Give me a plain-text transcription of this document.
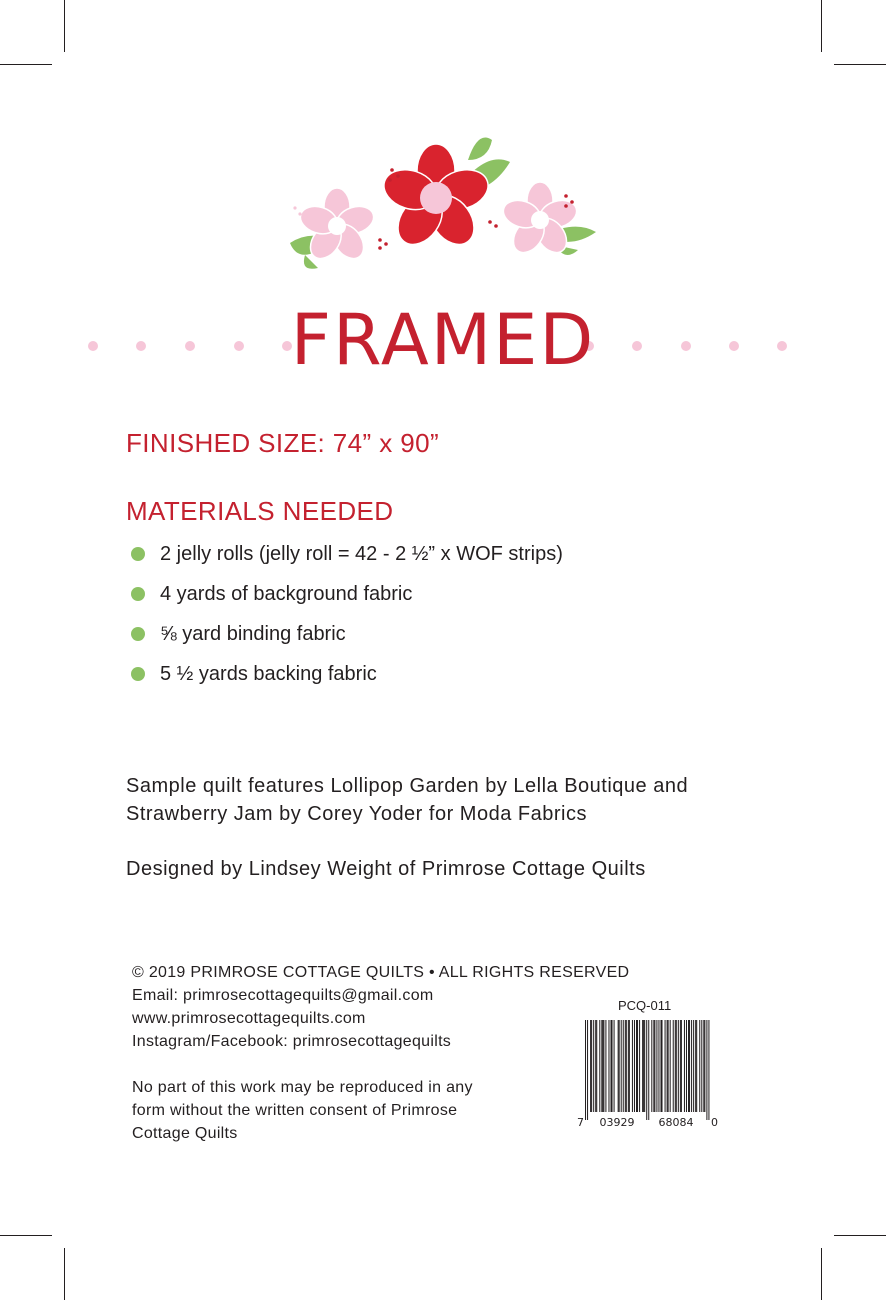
FRAMED
FINISHED SIZE: 74” x 90”
MATERIALS NEEDED
2 jelly rolls (jelly roll = 42 - 2 ½” x WOF strips)
4 yards of background fabric
⅝ yard binding fabric
5 ½ yards backing fabric
Sample quilt features Lollipop Garden by Lella Boutique and
Strawberry Jam by Corey Yoder for Moda Fabrics
Designed by Lindsey Weight of Primrose Cottage Quilts
© 2019 PRIMROSE COTTAGE QUILTS • ALL RIGHTS RESERVED
Email: primrosecottagequilts@gmail.com
www.primrosecottagequilts.com
Instagram/Facebook: primrosecottagequilts
No part of this work may be reproduced in any
form without the written consent of Primrose
Cottage Quilts
PCQ-011
7 03929 68084 0
